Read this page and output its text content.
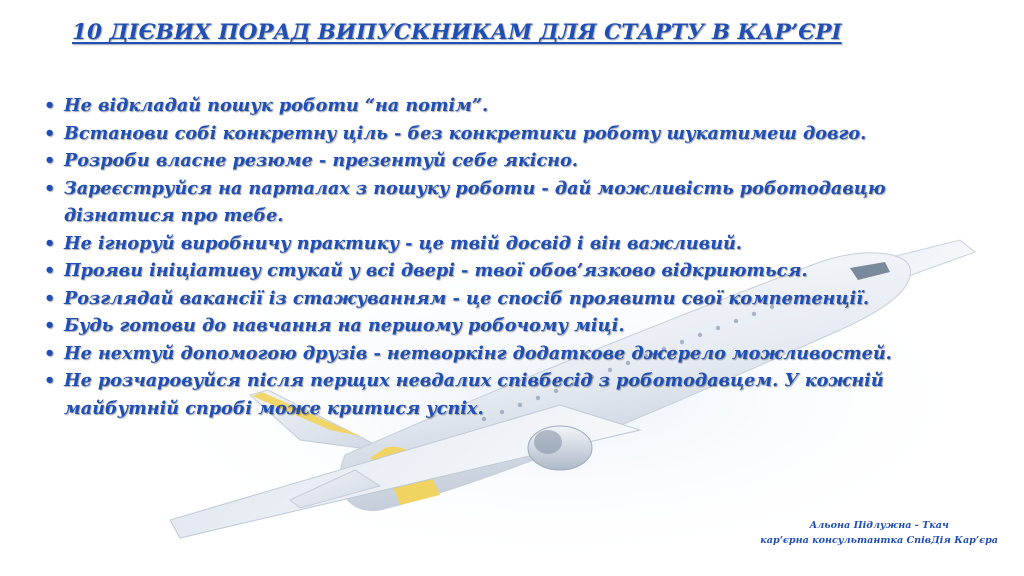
10 ДІЄВИХ ПОРАД ВИПУСКНИКАМ ДЛЯ СТАРТУ В КАР’ЄРІ
• Не відкладай пошук роботи “на потім”.
• Встанови собі конкретну ціль - без конкретики роботу шукатимеш довго.
• Розроби власне резюме - презентуй себе якісно.
• Зареєструйся на парталах з пошуку роботи - дай можливість роботодавцю дізнатися про тебе.
• Не ігноруй виробничу практику - це твій досвід і він важливий.
• Прояви ініціативу стукай у всі двері - твої обов’язково відкриються.
• Розглядай вакансії із стажуванням - це спосіб проявити свої компетенції.
• Будь готови до навчання на першому робочому міці.
• Не нехтуй допомогою друзів - нетворкінг додаткове джерело можливостей.
• Не розчаровуйся після перщих невдалих співбесід з роботодавцем. У кожній майбутній спробі може критися успіх.
Альона Підлужна - Ткач
кар’єрна консультантка СпівДія Кар’єра
